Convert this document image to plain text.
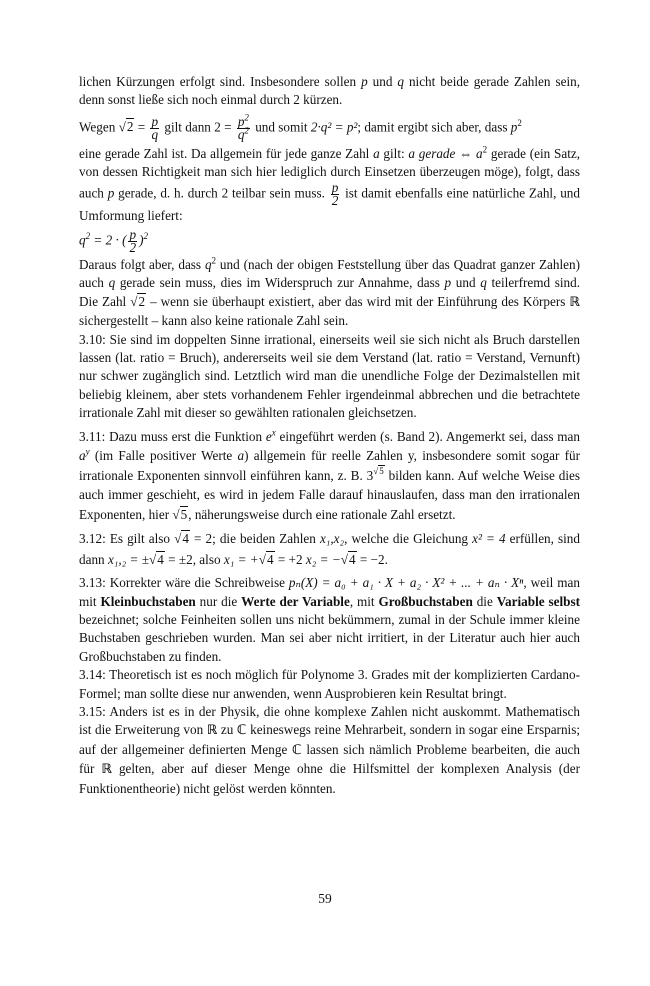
lichen Kürzungen erfolgt sind. Insbesondere sollen p und q nicht beide gerade Zahlen sein, denn sonst ließe sich noch einmal durch 2 kürzen.

Wegen $√2 = \frac{p}{q}$ gilt dann $2 = \frac{p^2}{q^2}$ und somit 2·q² = p²; damit ergibt sich aber, dass $p^2$

eine gerade Zahl ist. Da allgemein für jede ganze Zahl a gilt: a gerade ⇔ $a^2$ gerade (ein Satz, von dessen Richtigkeit man sich hier lediglich durch Einsetzen überzeugen möge), folgt, dass auch p gerade, d. h. durch 2 teilbar sein muss. $\frac{p}{2}$ ist damit ebenfalls eine natürliche Zahl, und Umformung liefert:

$q^2 = 2$ · ( $\frac{p}{2} )^2$

Daraus folgt aber, dass $q^2$ und (nach der obigen Feststellung über das Quadrat ganzer Zahlen) auch q gerade sein muss, dies im Widerspruch zur Annahme, dass p und q teilerfremd sind. Die Zahl √2 – wenn sie überhaupt existiert, aber das wird mit der Einführung des Körpers ℝ sichergestellt – kann also keine rationale Zahl sein.

3.10: Sie sind im doppelten Sinne irrational, einerseits weil sie sich nicht als Bruch darstellen lassen (lat. ratio = Bruch), andererseits weil sie dem Verstand (lat. ratio = Verstand, Vernunft) nur schwer zugänglich sind. Letztlich wird man die unendliche Folge der Dezimalstellen mit beliebig kleinem, aber stets vorhandenem Fehler irgendeinmal abbrechen und die betrachtete irrationale Zahl mit dieser so gewählten rationalen gleichsetzen.

3.11: Dazu muss erst die Funktion $e^x$ eingeführt werden (s. Band 2). Angemerkt sei, dass man $a^y$ (im Falle positiver Werte a) allgemein für reelle Zahlen y, insbesondere somit sogar für irrationale Exponenten sinnvoll einführen kann, z. B. $3^{√5}$ bilden kann. Auf welche Weise dies auch immer geschieht, es wird in jedem Falle darauf hinauslaufen, dass man den irrationalen Exponenten, hier √5, näherungsweise durch eine rationale Zahl ersetzt.

3.12: Es gilt also √4 = 2; die beiden Zahlen x₁,x₂, welche die Gleichung x² = 4 erfüllen, sind dann x₁,₂ = ±√4 = ±2, also x₁ = +√4 = +2 x₂ = −√4 = −2.

3.13: Korrekter wäre die Schreibweise pₙ(X) = a₀ + a₁ · X + a₂ · X² + ... + aₙ · Xⁿ, weil man mit Kleinbuchstaben nur die Werte der Variable, mit Großbuchstaben die Variable selbst bezeichnet; solche Feinheiten sollen uns nicht bekümmern, zumal in der Schule immer kleine Buchstaben geschrieben wurden. Man sei aber nicht irritiert, in der Literatur auch hier auch Großbuchstaben zu finden.

3.14: Theoretisch ist es noch möglich für Polynome 3. Grades mit der komplizierten Cardano-Formel; man sollte diese nur anwenden, wenn Ausprobieren kein Resultat bringt.

3.15: Anders ist es in der Physik, die ohne komplexe Zahlen nicht auskommt. Mathematisch ist die Erweiterung von ℝ zu ℂ keineswegs reine Mehrarbeit, sondern in sogar eine Ersparnis; auf der allgemeiner definierten Menge ℂ lassen sich nämlich Probleme bearbeiten, die auch für ℝ gelten, aber auf dieser Menge ohne die Hilfsmittel der komplexen Analysis (der Funktionentheorie) nicht gelöst werden könnten.

59
